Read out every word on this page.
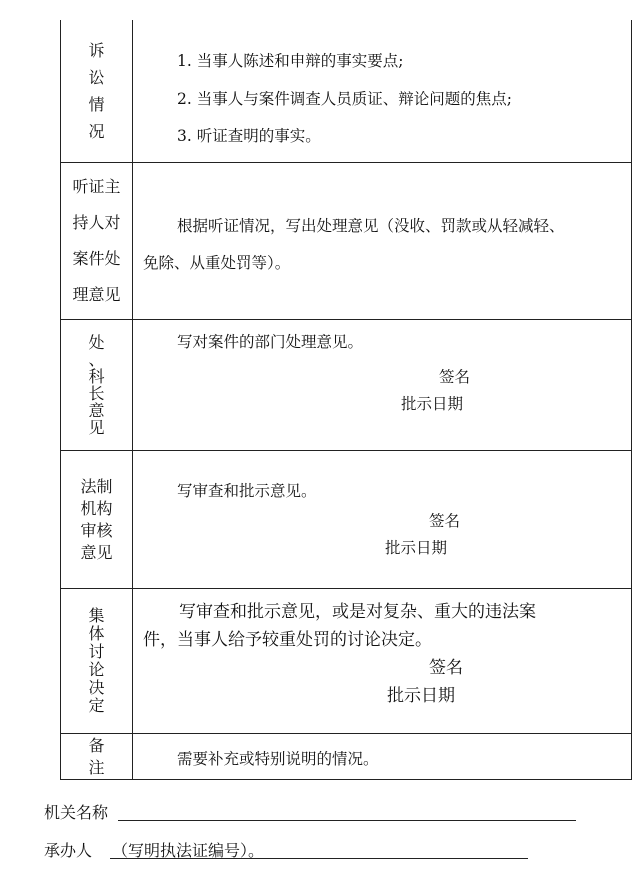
诉
讼
情
况
1. 当事人陈述和申辩的事实要点;
2. 当事人与案件调查人员质证、辩论问题的焦点;
3. 听证查明的事实。
听证主持人对案件处理意见
根据听证情况，写出处理意见（没收、罚款或从轻减轻、
免除、从重处罚等）。
处
、
科
长
意
见
写对案件的部门处理意见。
签名
批示日期
法制
机构
审核
意见
写审查和批示意见。
签名
批示日期
集
体
讨
论
决
定
写审查和批示意见，或是对复杂、重大的违法案
件，当事人给予较重处罚的讨论决定。
签名
批示日期
备
注	需要补充或特别说明的情况。
机关名称
承办人 （写明执法证编号）。
